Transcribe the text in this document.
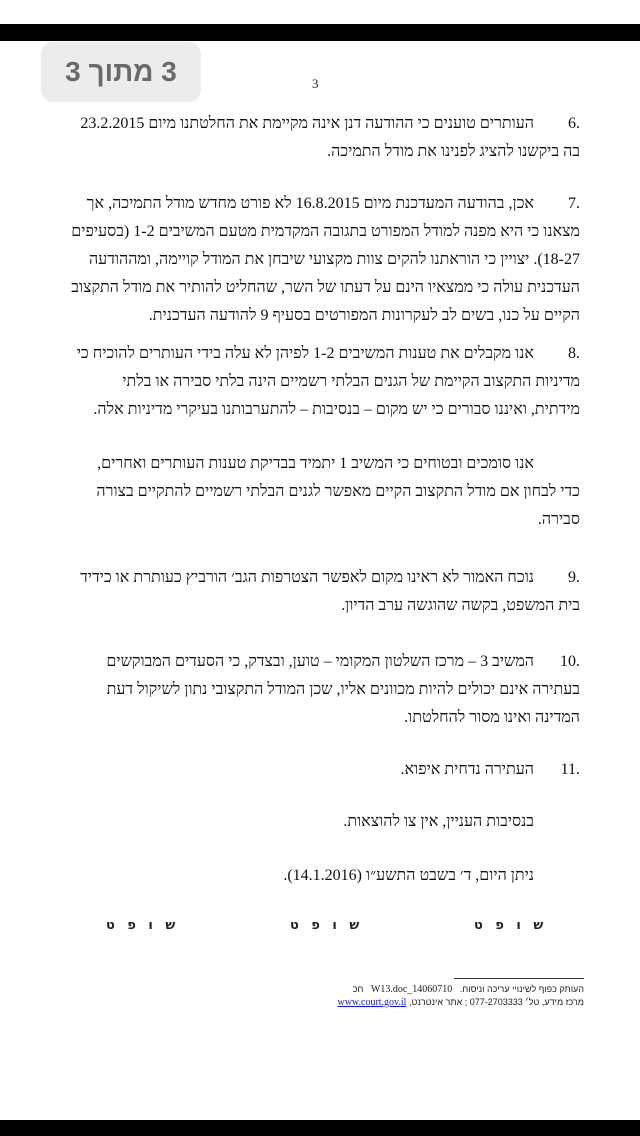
3 מתוך 3	3

.6העותרים טוענים כי ההודעה דנן אינה מקיימת את החלטתנו מיום 23.2.2015

בה ביקשנו להציג לפנינו את מודל התמיכה.

.7אכן, בהודעה המעדכנת מיום 16.8.2015 לא פורט מחדש מודל התמיכה, אך

מצאנו כי היא מפנה למודל המפורט בתגובה המקדמית מטעם המשיבים 1-2 (בסעיפים

18-27). יצויין כי הוראתנו להקים צוות מקצועי שיבחן את המודל קויימה, ומההודעה

העדכנית עולה כי ממצאיו הינם על דעתו של השר, שהחליט להותיר את מודל התקצוב

הקיים על כנו, בשים לב לעקרונות המפורטים בסעיף 9 להודעה העדכנית.

.8אנו מקבלים את טענות המשיבים 1-2 לפיהן לא עלה בידי העותרים להוכיח כי

מדיניות התקצוב הקיימת של הגנים הבלתי רשמיים הינה בלתי סבירה או בלתי

מידתית, ואיננו סבורים כי יש מקום – בנסיבות – להתערבותנו בעיקרי מדיניות אלה.

אנו סומכים ובטוחים כי המשיב 1 יתמיד בבדיקת טענות העותרים ואחרים,

כדי לבחון אם מודל התקצוב הקיים מאפשר לגנים הבלתי רשמיים להתקיים בצורה

סבירה.

.9נוכח האמור לא ראינו מקום לאפשר הצטרפות הגב׳ הורביץ כעותרת או כידיד

בית המשפט, בקשה שהוגשה ערב הדיון.

.10המשיב 3 – מרכז השלטון המקומי – טוען, ובצדק, כי הסעדים המבוקשים

בעתירה אינם יכולים להיות מכוונים אליו, שכן המודל התקצובי נתון לשיקול דעת

המדינה ואינו מסור להחלטתו.

.11העתירה נדחית איפוא.

בנסיבות העניין, אין צו להוצאות.

ניתן היום, ד׳ בשבט התשע״ו (14.1.2016).

ש ו פ ט
ש ו פ ט
ש ו פ ט
העותק כפוף לשינויי עריכה וניסוח.   14060710_W13.doc   חכ
מרכז מידע, טל׳ 077-2703333 ; אתר אינטרנט, www.court.gov.il
